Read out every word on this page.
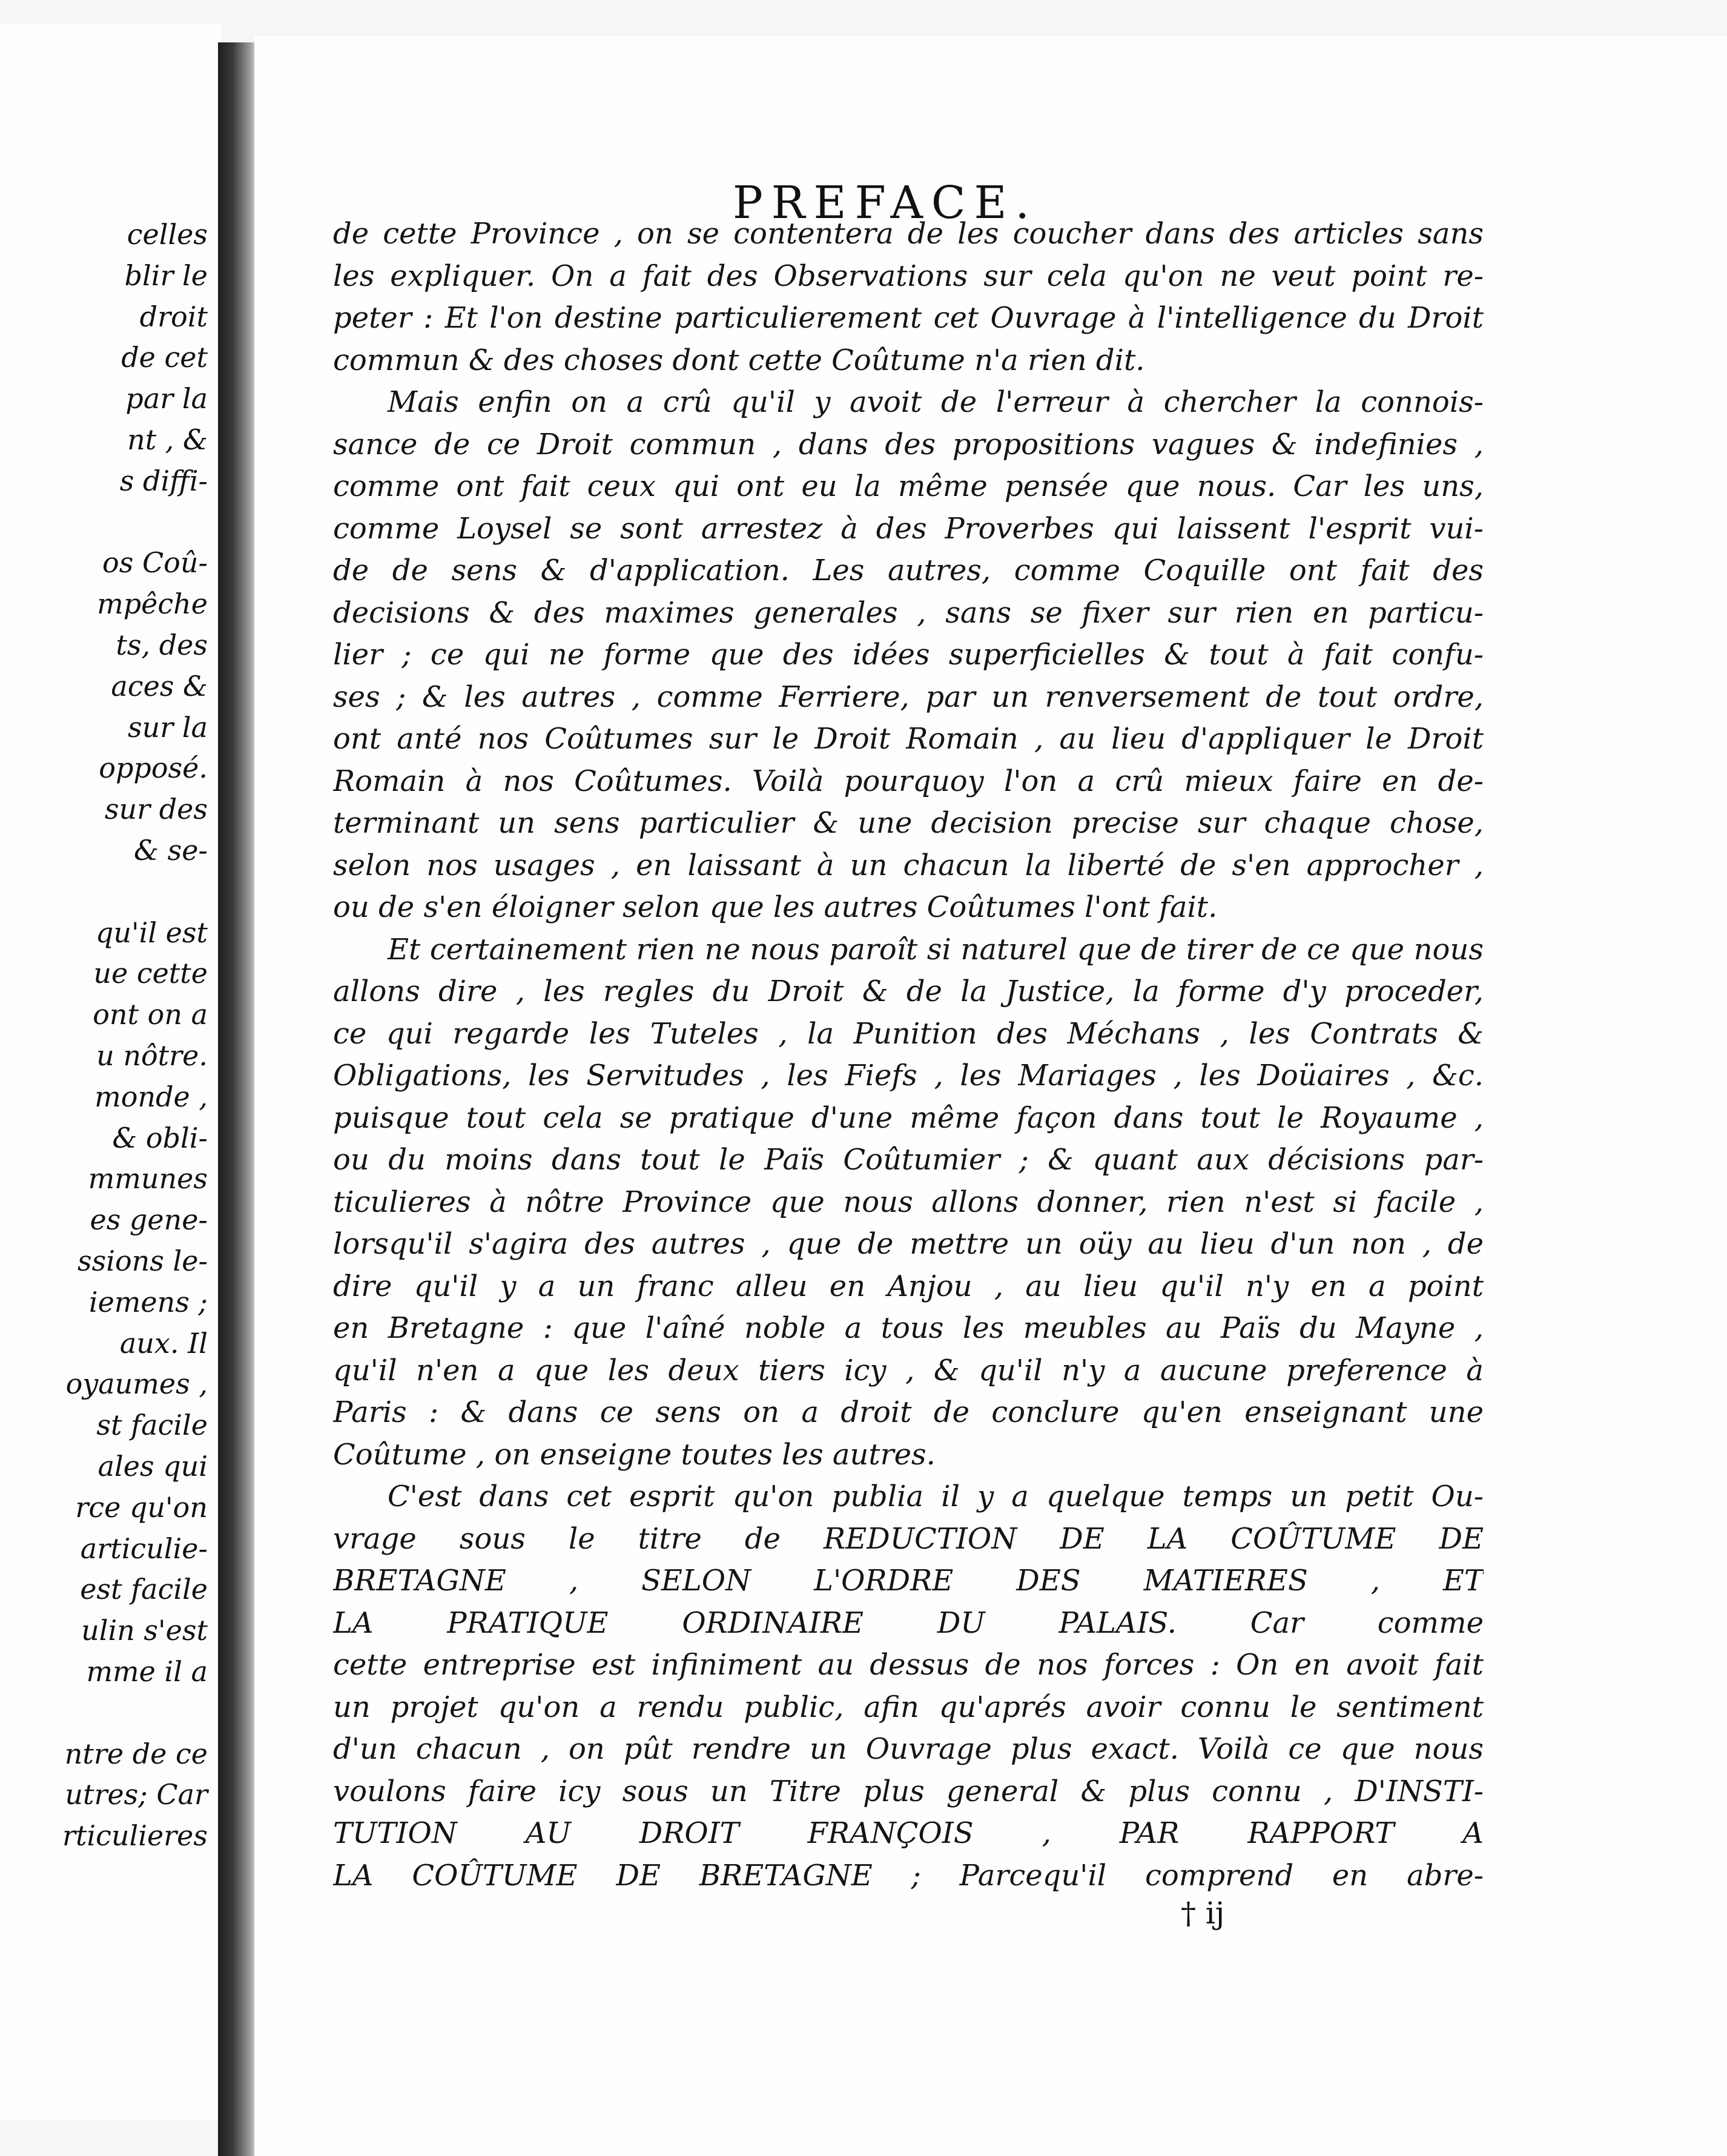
celles

blir le

droit

de cet

par la

nt , &

s diffi-

os Coû-

mpêche

ts, des

aces &

sur la

opposé.

sur des

& se-

qu'il est

ue cette

ont on a

u nôtre.

monde ,

& obli-

mmunes

es gene-

ssions le-

iemens ;

aux. Il

oyaumes ,

st facile

ales qui

rce qu'on

articulie-

est facile

ulin s'est

mme il a

ntre de ce

utres; Car

rticulieres

PREFACE.
de cette Province , on se contentera de les coucher dans des articles sans
les expliquer. On a fait des Observations sur cela qu'on ne veut point re-
peter : Et l'on destine particulierement cet Ouvrage à l'intelligence du Droit
commun & des choses dont cette Coûtume n'a rien dit.
Mais enfin on a crû qu'il y avoit de l'erreur à chercher la connois-
sance de ce Droit commun , dans des propositions vagues & indefinies ,
comme ont fait ceux qui ont eu la même pensée que nous. Car les uns,
comme Loysel se sont arrestez à des Proverbes qui laissent l'esprit vui-
de de sens & d'application. Les autres, comme Coquille ont fait des
decisions & des maximes generales , sans se fixer sur rien en particu-
lier ; ce qui ne forme que des idées superficielles & tout à fait confu-
ses ; & les autres , comme Ferriere, par un renversement de tout ordre,
ont anté nos Coûtumes sur le Droit Romain , au lieu d'appliquer le Droit
Romain à nos Coûtumes. Voilà pourquoy l'on a crû mieux faire en de-
terminant un sens particulier & une decision precise sur chaque chose,
selon nos usages , en laissant à un chacun la liberté de s'en approcher ,
ou de s'en éloigner selon que les autres Coûtumes l'ont fait.
Et certainement rien ne nous paroît si naturel que de tirer de ce que nous
allons dire , les regles du Droit & de la Justice, la forme d'y proceder,
ce qui regarde les Tuteles , la Punition des Méchans , les Contrats &
Obligations, les Servitudes , les Fiefs , les Mariages , les Doüaires , &c.
puisque tout cela se pratique d'une même façon dans tout le Royaume ,
ou du moins dans tout le Païs Coûtumier ; & quant aux décisions par-
ticulieres à nôtre Province que nous allons donner, rien n'est si facile ,
lorsqu'il s'agira des autres , que de mettre un oüy au lieu d'un non , de
dire qu'il y a un franc alleu en Anjou , au lieu qu'il n'y en a point
en Bretagne : que l'aîné noble a tous les meubles au Païs du Mayne ,
qu'il n'en a que les deux tiers icy , & qu'il n'y a aucune preference à
Paris : & dans ce sens on a droit de conclure qu'en enseignant une
Coûtume , on enseigne toutes les autres.
C'est dans cet esprit qu'on publia il y a quelque temps un petit Ou-
vrage sous le titre de REDUCTION DE LA COÛTUME DE
BRETAGNE , SELON L'ORDRE DES MATIERES , ET
LA PRATIQUE ORDINAIRE DU PALAIS. Car comme
cette entreprise est infiniment au dessus de nos forces : On en avoit fait
un projet qu'on a rendu public, afin qu'aprés avoir connu le sentiment
d'un chacun , on pût rendre un Ouvrage plus exact. Voilà ce que nous
voulons faire icy sous un Titre plus general & plus connu , D'INSTI-
TUTION AU DROIT FRANÇOIS , PAR RAPPORT A
LA COÛTUME DE BRETAGNE ; Parcequ'il comprend en abre-

† ij
